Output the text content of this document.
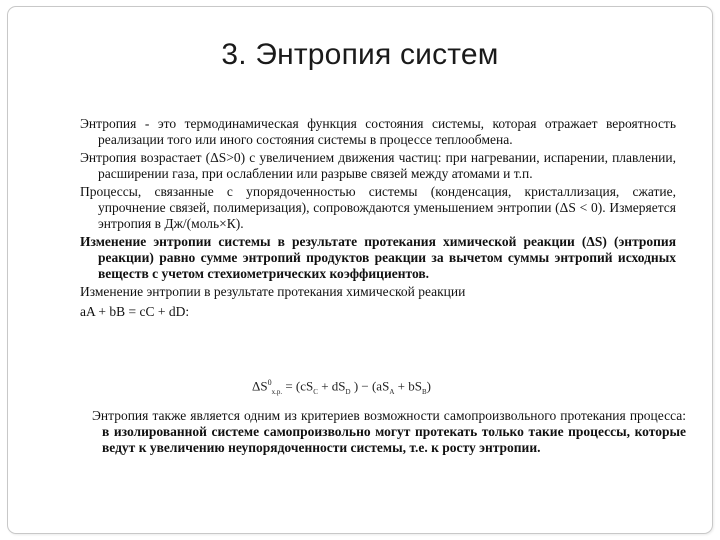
3. Энтропия систем

Энтропия - это термодинамическая функция состояния системы, которая отражает вероятность реализации того или иного состояния системы в процессе теплообмена.

Энтропия возрастает (ΔS>0) с увеличением движения частиц: при нагревании, испарении, плавлении, расширении газа, при ослаблении или разрыве связей между атомами и т.п.

Процессы, связанные с упорядоченностью системы (конденсация, кристаллизация, сжатие, упрочнение связей, полимеризация), сопровождаются уменьшением энтропии (ΔS < 0). Измеряется энтропия в Дж/(моль×К).

Изменение энтропии системы в результате протекания химической реакции (ΔS) (энтропия реакции) равно сумме энтропий продуктов реакции за вычетом суммы энтропий исходных веществ с учетом стехиометрических коэффициентов.

Изменение энтропии в результате протекания химической реакции

aA + bB = cC + dD:

$\Delta S^0_{х.р.} = (cS_C + dS_D$ ) − $(aS_A + bS_B)$
Энтропия также является одним из критериев возможности самопроизвольного протекания процесса: в изолированной системе самопроизвольно могут протекать только такие процессы, которые ведут к увеличению неупорядоченности системы, т.е. к росту энтропии.
